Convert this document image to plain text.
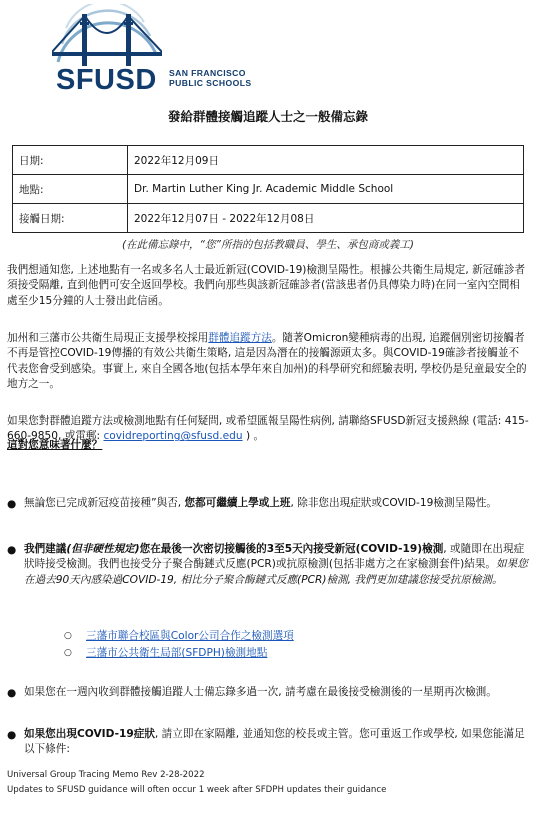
SFUSD SAN FRANCISCO
PUBLIC SCHOOLS
發給群體接觸追蹤人士之一般備忘錄
日期:	2022年12月09日
地點:	Dr. Martin Luther King Jr. Academic Middle School
接觸日期:	2022年12月07日 - 2022年12月08日
(在此備忘錄中，“您”所指的包括教職員、學生、承包商或義工)

我們想通知您, 上述地點有一名或多名人士最近新冠(COVID-19)檢測呈陽性。根據公共衛生局規定, 新冠確診者須接受隔離, 直到他們可安全返回學校。我們向那些與該新冠確診者(當該患者仍具傳染力時)在同一室內空間相處至少15分鐘的人士發出此信函。

加州和三藩市公共衛生局現正支援學校採用群體追蹤方法。隨著Omicron變種病毒的出現, 追蹤個別密切接觸者不再是管控COVID-19傳播的有效公共衛生策略, 這是因為潛在的接觸源頭太多。與COVID-19確診者接觸並不代表您會受到感染。事實上, 來自全國各地(包括本學年來自加州)的科學研究和經驗表明, 學校仍是兒童最安全的地方之一。

如果您對群體追蹤方法或檢測地點有任何疑問, 或希望匯報呈陽性病例, 請聯絡SFUSD新冠支援熱線 (電話: 415-660-9850, 或電郵: covidreporting@sfusd.edu ) 。

這對您意味著什麼？

● 無論您已完成新冠疫苗接種”與否, 您都可繼續上學或上班, 除非您出現症狀或COVID-19檢測呈陽性。

● 我們建議(但非硬性規定)您在最後一次密切接觸後的3至5天內接受新冠(COVID-19)檢測, 或隨即在出現症狀時接受檢測。我們也接受分子聚合酶鏈式反應(PCR)或抗原檢測(包括非處方之在家檢測套件)結果。如果您在過去90天內感染過COVID-19, 相比分子聚合酶鏈式反應(PCR)檢測, 我們更加建議您接受抗原檢測。

○ 三藩市聯合校區與Color公司合作之檢測選項
○ 三藩市公共衛生局部(SFDPH)檢測地點
● 如果您在一週內收到群體接觸追蹤人士備忘錄多過一次, 請考慮在最後接受檢測後的一星期再次檢測。

● 如果您出現COVID-19症狀, 請立即在家隔離, 並通知您的校長或主管。您可重返工作或學校, 如果您能滿足以下條件:

Universal Group Tracing Memo Rev 2-28-2022
Updates to SFUSD guidance will often occur 1 week after SFDPH updates their guidance
